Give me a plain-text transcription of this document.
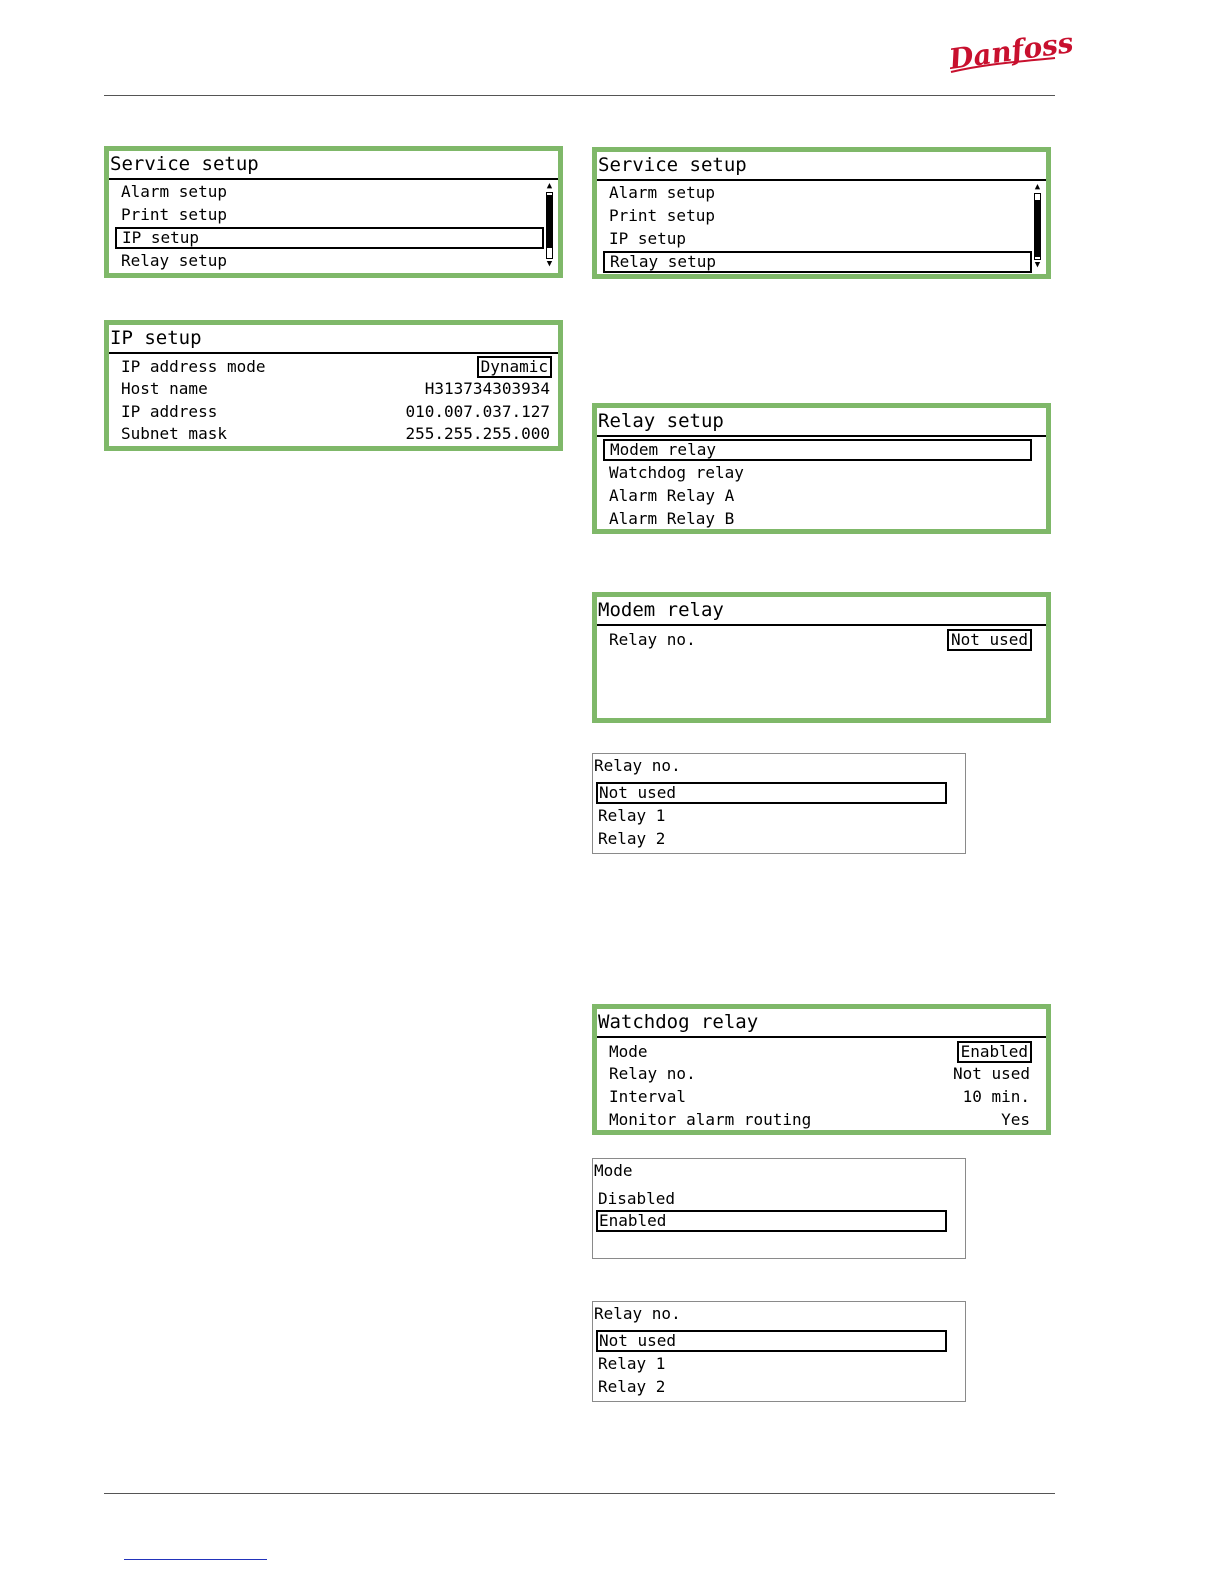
Danfoss
Service setup
Alarm setup
Print setup
IP setup
Relay setup
▲
▼
Service setup
Alarm setup
Print setup
IP setup
Relay setup
▲
▼
IP setup
IP address mode	Dynamic
Host name	H313734303934
IP address	010.007.037.127
Subnet mask	255.255.255.000
Relay setup
Modem relay
Watchdog relay
Alarm Relay A
Alarm Relay B
Modem relay
Relay no.	Not used
Relay no.
Not used
Relay 1
Relay 2
Watchdog relay
Mode	Enabled
Relay no.	Not used
Interval	10 min.
Monitor alarm routing	Yes
Mode
Disabled
Enabled
Relay no.
Not used
Relay 1
Relay 2
